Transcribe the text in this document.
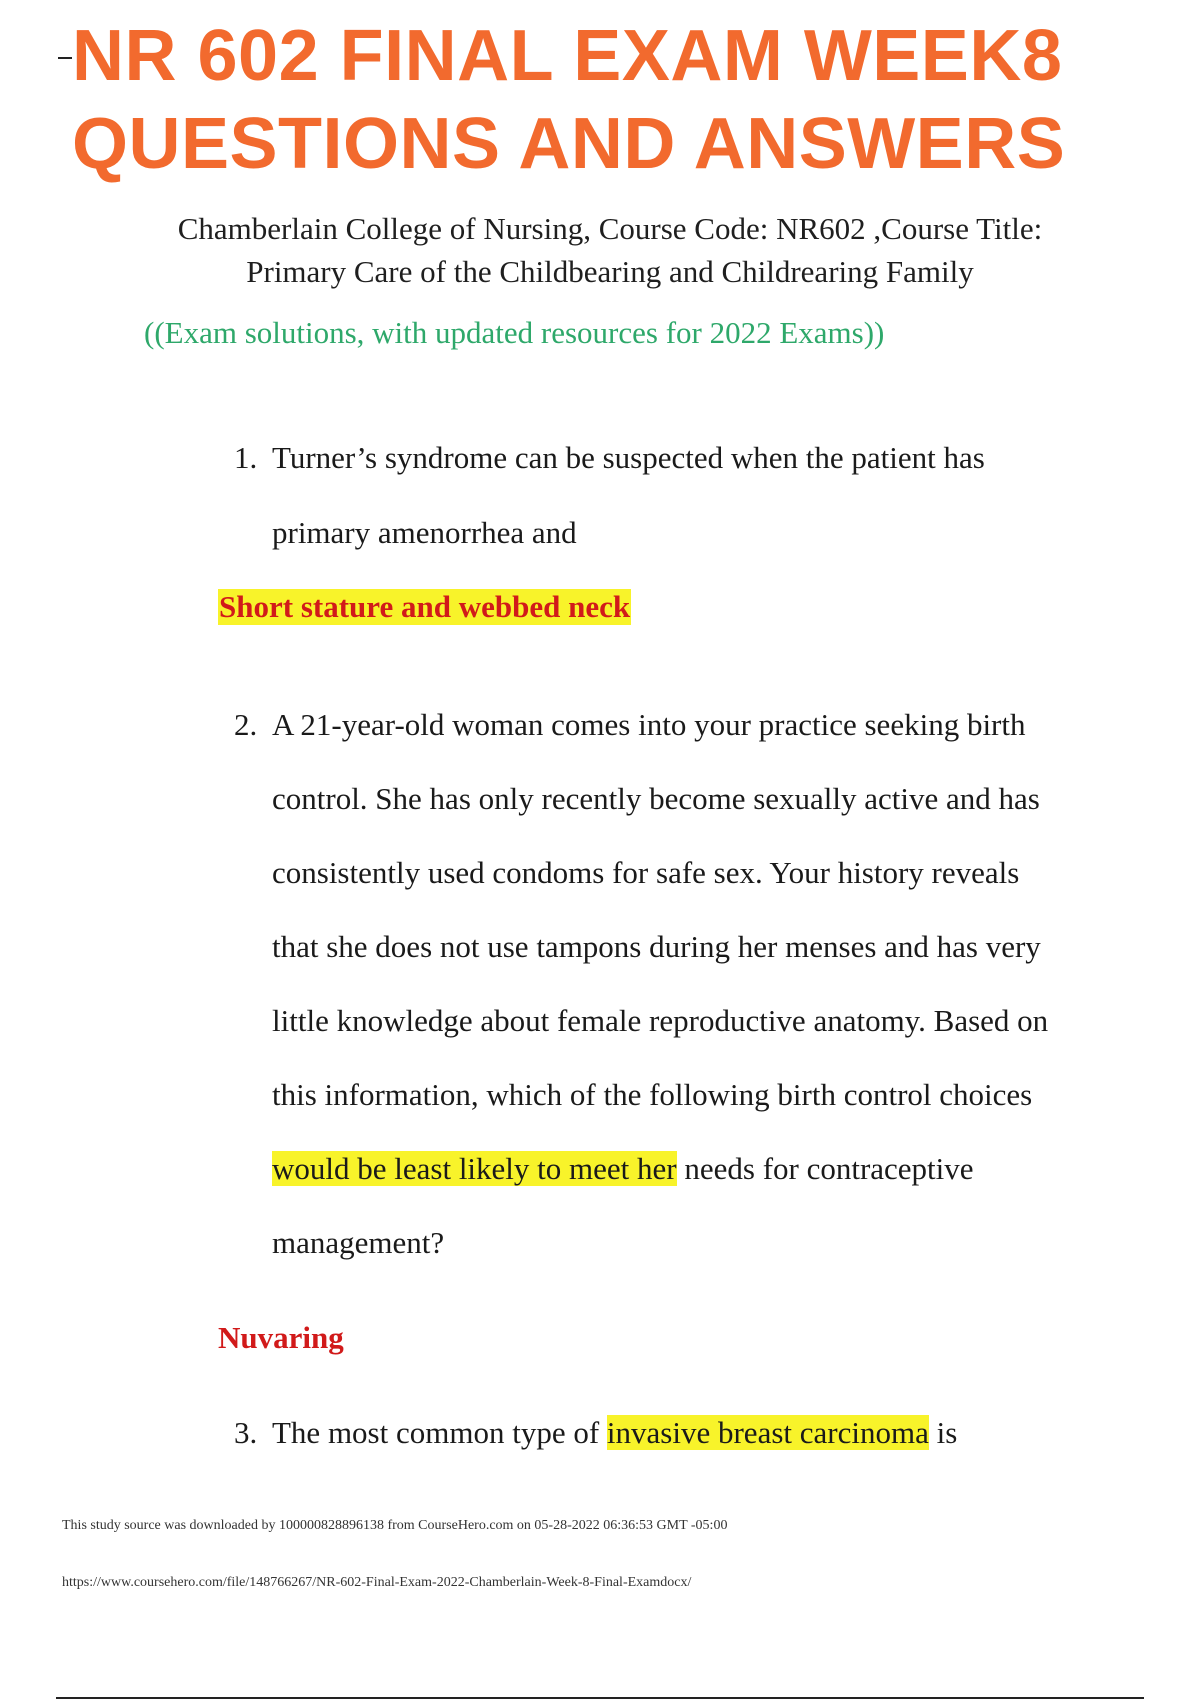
NR 602 FINAL EXAM WEEK8
QUESTIONS AND ANSWERS
Chamberlain College of Nursing, Course Code: NR602 ,Course Title:
Primary Care of the Childbearing and Childrearing Family
((Exam solutions, with updated resources for 2022 Exams))
1. Turner’s syndrome can be suspected when the patient has
primary amenorrhea and
Short stature and webbed neck
2. A 21-year-old woman comes into your practice seeking birth
control. She has only recently become sexually active and has
consistently used condoms for safe sex. Your history reveals
that she does not use tampons during her menses and has very
little knowledge about female reproductive anatomy. Based on
this information, which of the following birth control choices
would be least likely to meet her needs for contraceptive
management?
Nuvaring
3. The most common type of invasive breast carcinoma is
This study source was downloaded by 100000828896138 from CourseHero.com on 05-28-2022 06:36:53 GMT -05:00
https://www.coursehero.com/file/148766267/NR-602-Final-Exam-2022-Chamberlain-Week-8-Final-Examdocx/
